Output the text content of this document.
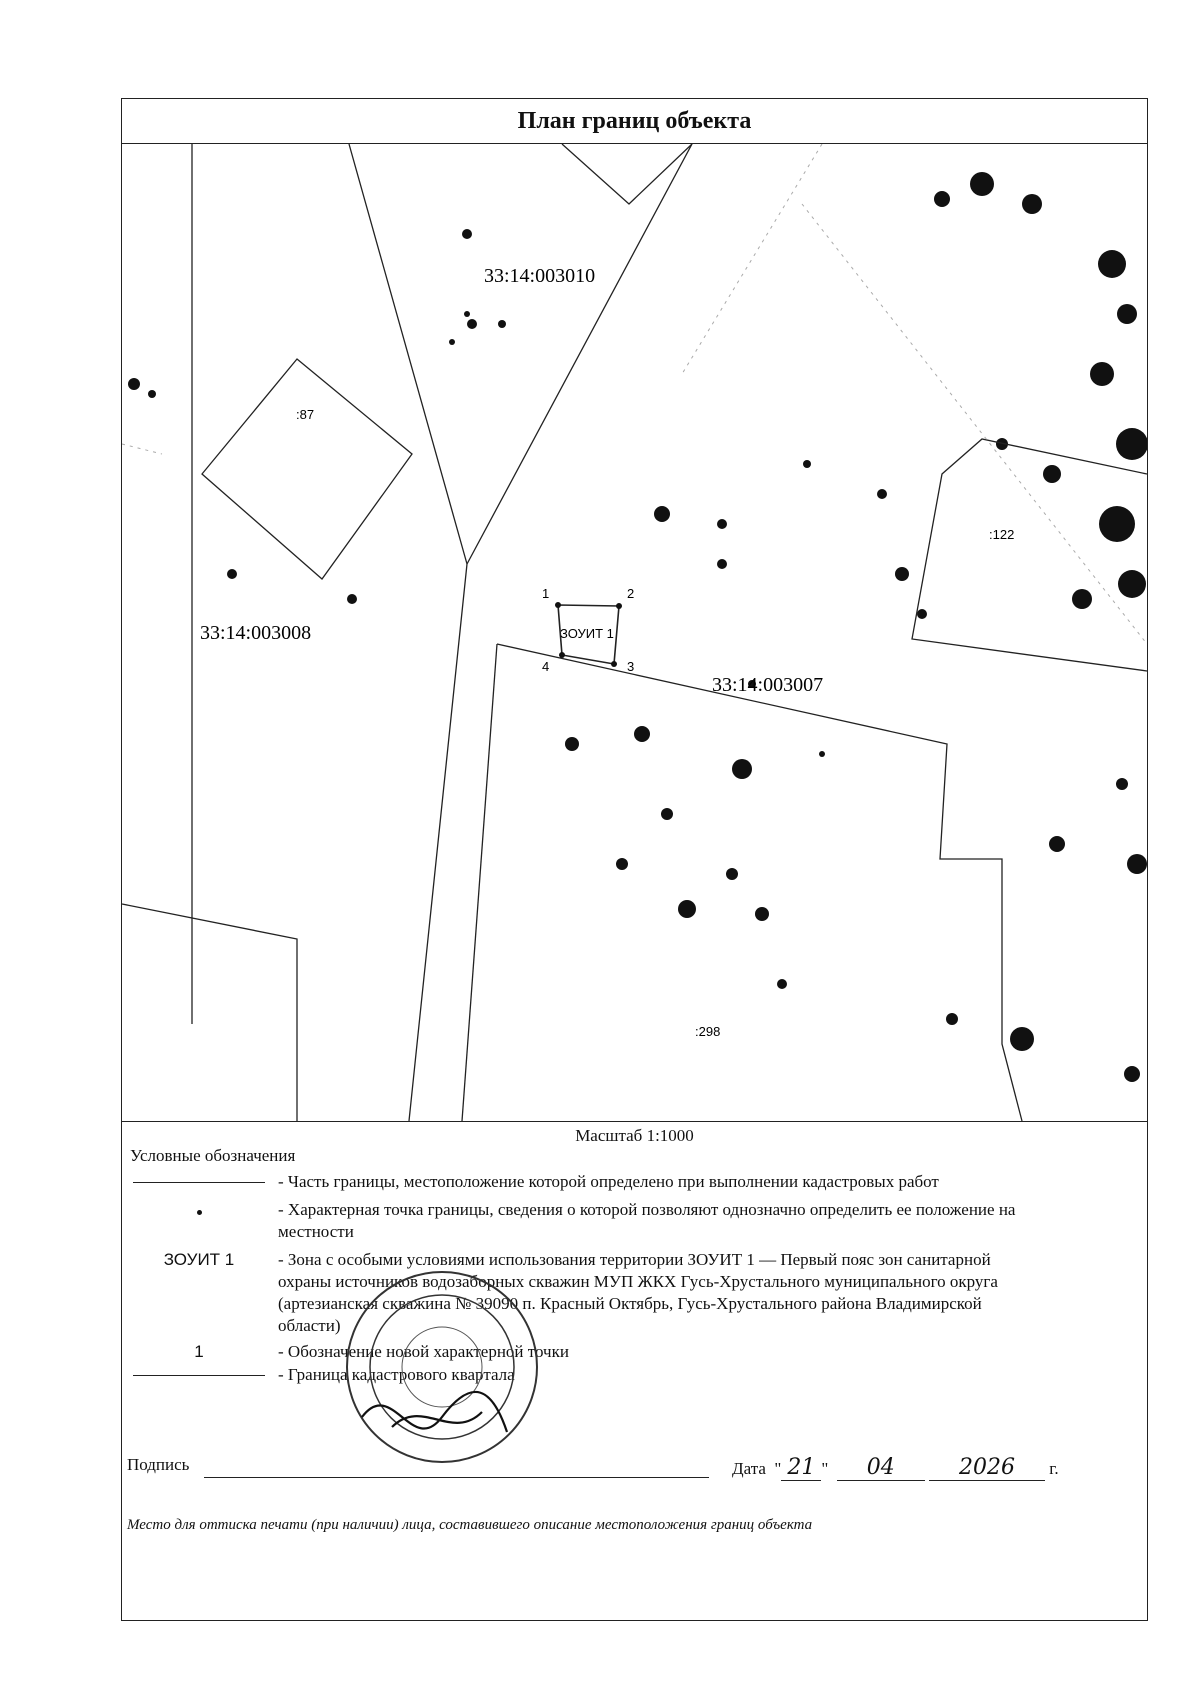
План границ объекта
33:14:003010
33:14:003008
33:14:003007
:87
:122
:298
ЗОУИТ 1
1	2
3
4
Масштаб 1:1000
Условные обозначения
- Часть границы, местоположение которой определено при выполнении кадастровых работ
- Характерная точка границы, сведения о которой позволяют однозначно определить ее положение на местности
ЗОУИТ 1	- Зона с особыми условиями использования территории ЗОУИТ 1 — Первый пояс зон санитарной охраны источников водозаборных скважин МУП ЖКХ Гусь-Хрустального муниципального округа (артезианская скважина № 39090 п. Красный Октябрь, Гусь-Хрустального района Владимирской области)
1	- Обозначение новой характерной точки
- Граница кадастрового квартала
Подпись	Дата  " 21 "  04	2026 г.
Место для оттиска печати (при наличии) лица, составившего описание местоположения границ объекта
